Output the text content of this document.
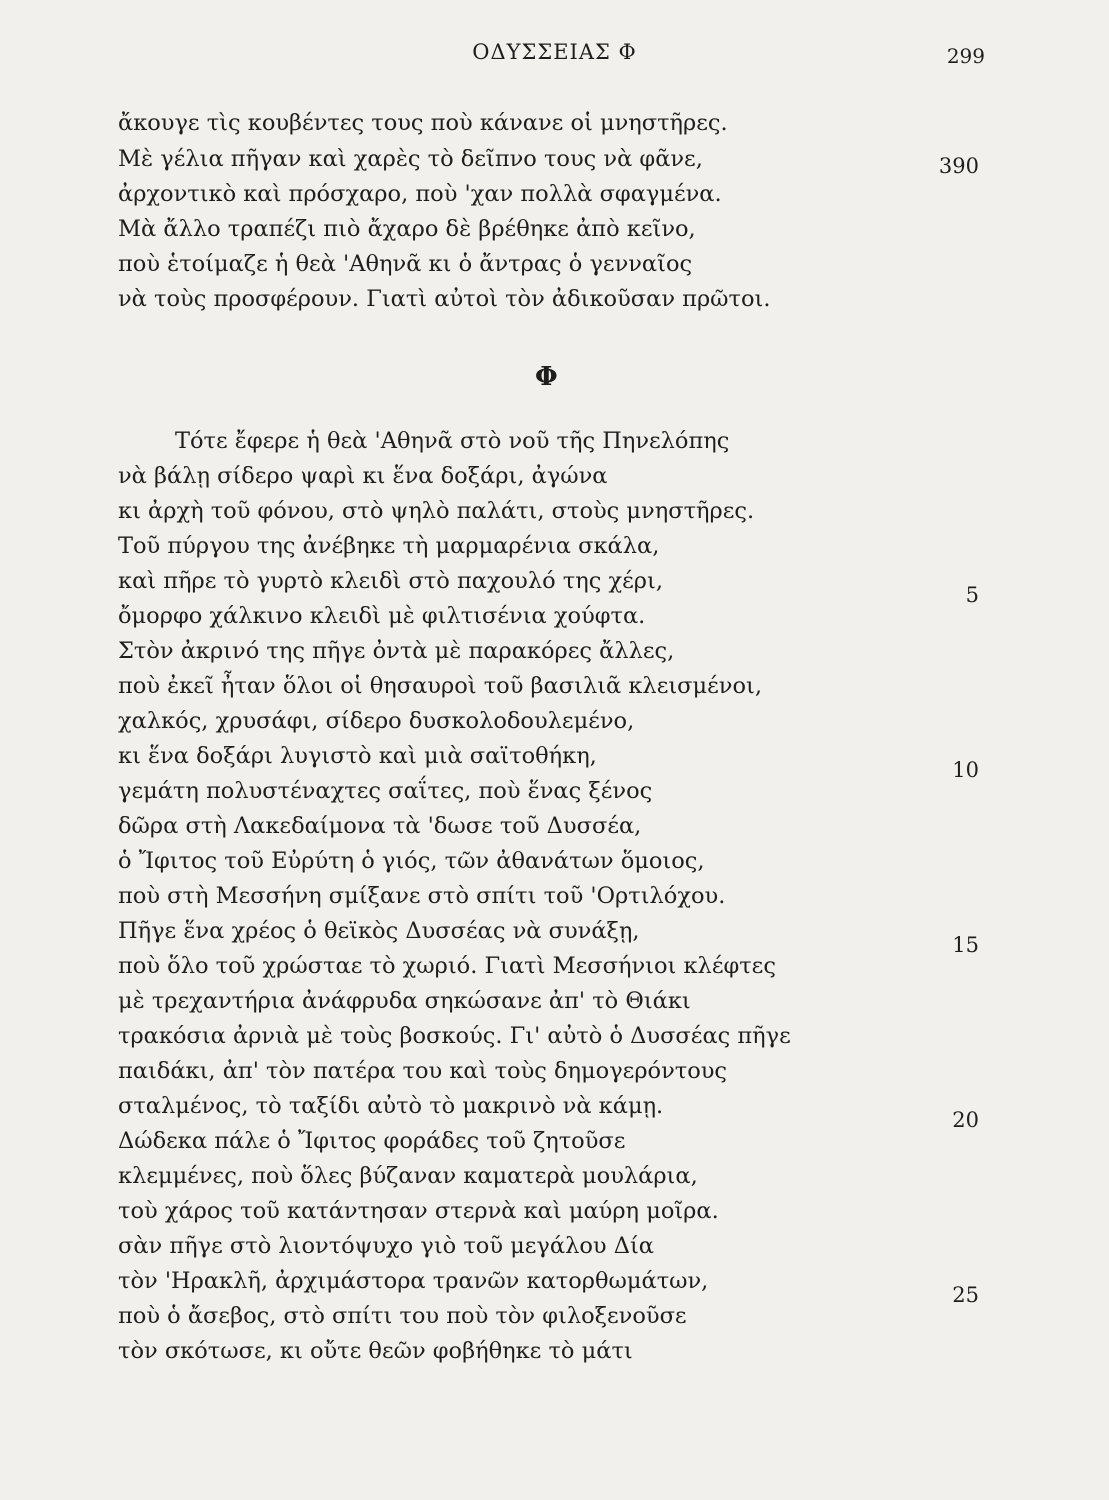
ΟΔΥΣΣΕΙΑΣ Φ	299
ἄκουγε τὶς κουβέντες τους ποὺ κάνανε οἱ μνηστῆρες.
Μὲ γέλια πῆγαν καὶ χαρὲς τὸ δεῖπνο τους νὰ φᾶνε,
ἀρχοντικὸ καὶ πρόσχαρο, ποὺ 'χαν πολλὰ σφαγμένα.
Μὰ ἄλλο τραπέζι πιὸ ἄχαρο δὲ βρέθηκε ἀπὸ κεῖνο,
ποὺ ἑτοίμαζε ἡ θεὰ 'Αθηνᾶ κι ὁ ἄντρας ὁ γενναῖος
νὰ τοὺς προσφέρουν. Γιατὶ αὐτοὶ τὸν ἀδικοῦσαν πρῶτοι.
390
Φ
Τότε ἔφερε ἡ θεὰ 'Αθηνᾶ στὸ νοῦ τῆς Πηνελόπης
νὰ βάλῃ σίδερο ψαρὶ κι ἕνα δοξάρι, ἀγώνα
κι ἀρχὴ τοῦ φόνου, στὸ ψηλὸ παλάτι, στοὺς μνηστῆρες.
Τοῦ πύργου της ἀνέβηκε τὴ μαρμαρένια σκάλα,
καὶ πῆρε τὸ γυρτὸ κλειδὶ στὸ παχουλό της χέρι,
ὄμορφο χάλκινο κλειδὶ μὲ φιλτισένια χούφτα.
Στὸν ἀκρινό της πῆγε ὀντὰ μὲ παρακόρες ἄλλες,
ποὺ ἐκεῖ ἦταν ὅλοι οἱ θησαυροὶ τοῦ βασιλιᾶ κλεισμένοι,
χαλκός, χρυσάφι, σίδερο δυσκολοδουλεμένο,
κι ἕνα δοξάρι λυγιστὸ καὶ μιὰ σαϊτοθήκη,
γεμάτη πολυστέναχτες σαΐτες, ποὺ ἕνας ξένος
δῶρα στὴ Λακεδαίμονα τὰ 'δωσε τοῦ Δυσσέα,
ὁ Ἴφιτος τοῦ Εὐρύτη ὁ γιός, τῶν ἀθανάτων ὅμοιος,
ποὺ στὴ Μεσσήνη σμίξανε στὸ σπίτι τοῦ 'Ορτιλόχου.
Πῆγε ἕνα χρέος ὁ θεϊκὸς Δυσσέας νὰ συνάξῃ,
ποὺ ὅλο τοῦ χρώσταε τὸ χωριό. Γιατὶ Μεσσήνιοι κλέφτες
μὲ τρεχαντήρια ἀνάφρυδα σηκώσανε ἀπ' τὸ Θιάκι
τρακόσια ἀρνιὰ μὲ τοὺς βοσκούς. Γι' αὐτὸ ὁ Δυσσέας πῆγε
παιδάκι, ἀπ' τὸν πατέρα του καὶ τοὺς δημογερόντους
σταλμένος, τὸ ταξίδι αὐτὸ τὸ μακρινὸ νὰ κάμῃ.
Δώδεκα πάλε ὁ Ἴφιτος φοράδες τοῦ ζητοῦσε
κλεμμένες, ποὺ ὅλες βύζαναν καματερὰ μουλάρια,
τοὺ χάρος τοῦ κατάντησαν στερνὰ καὶ μαύρη μοῖρα.
σὰν πῆγε στὸ λιοντόψυχο γιὸ τοῦ μεγάλου Δία
τὸν 'Ηρακλῆ, ἀρχιμάστορα τρανῶν κατορθωμάτων,
ποὺ ὁ ἄσεβος, στὸ σπίτι του ποὺ τὸν φιλοξενοῦσε
τὸν σκότωσε, κι οὔτε θεῶν φοβήθηκε τὸ μάτι
5
10
15
20
25
